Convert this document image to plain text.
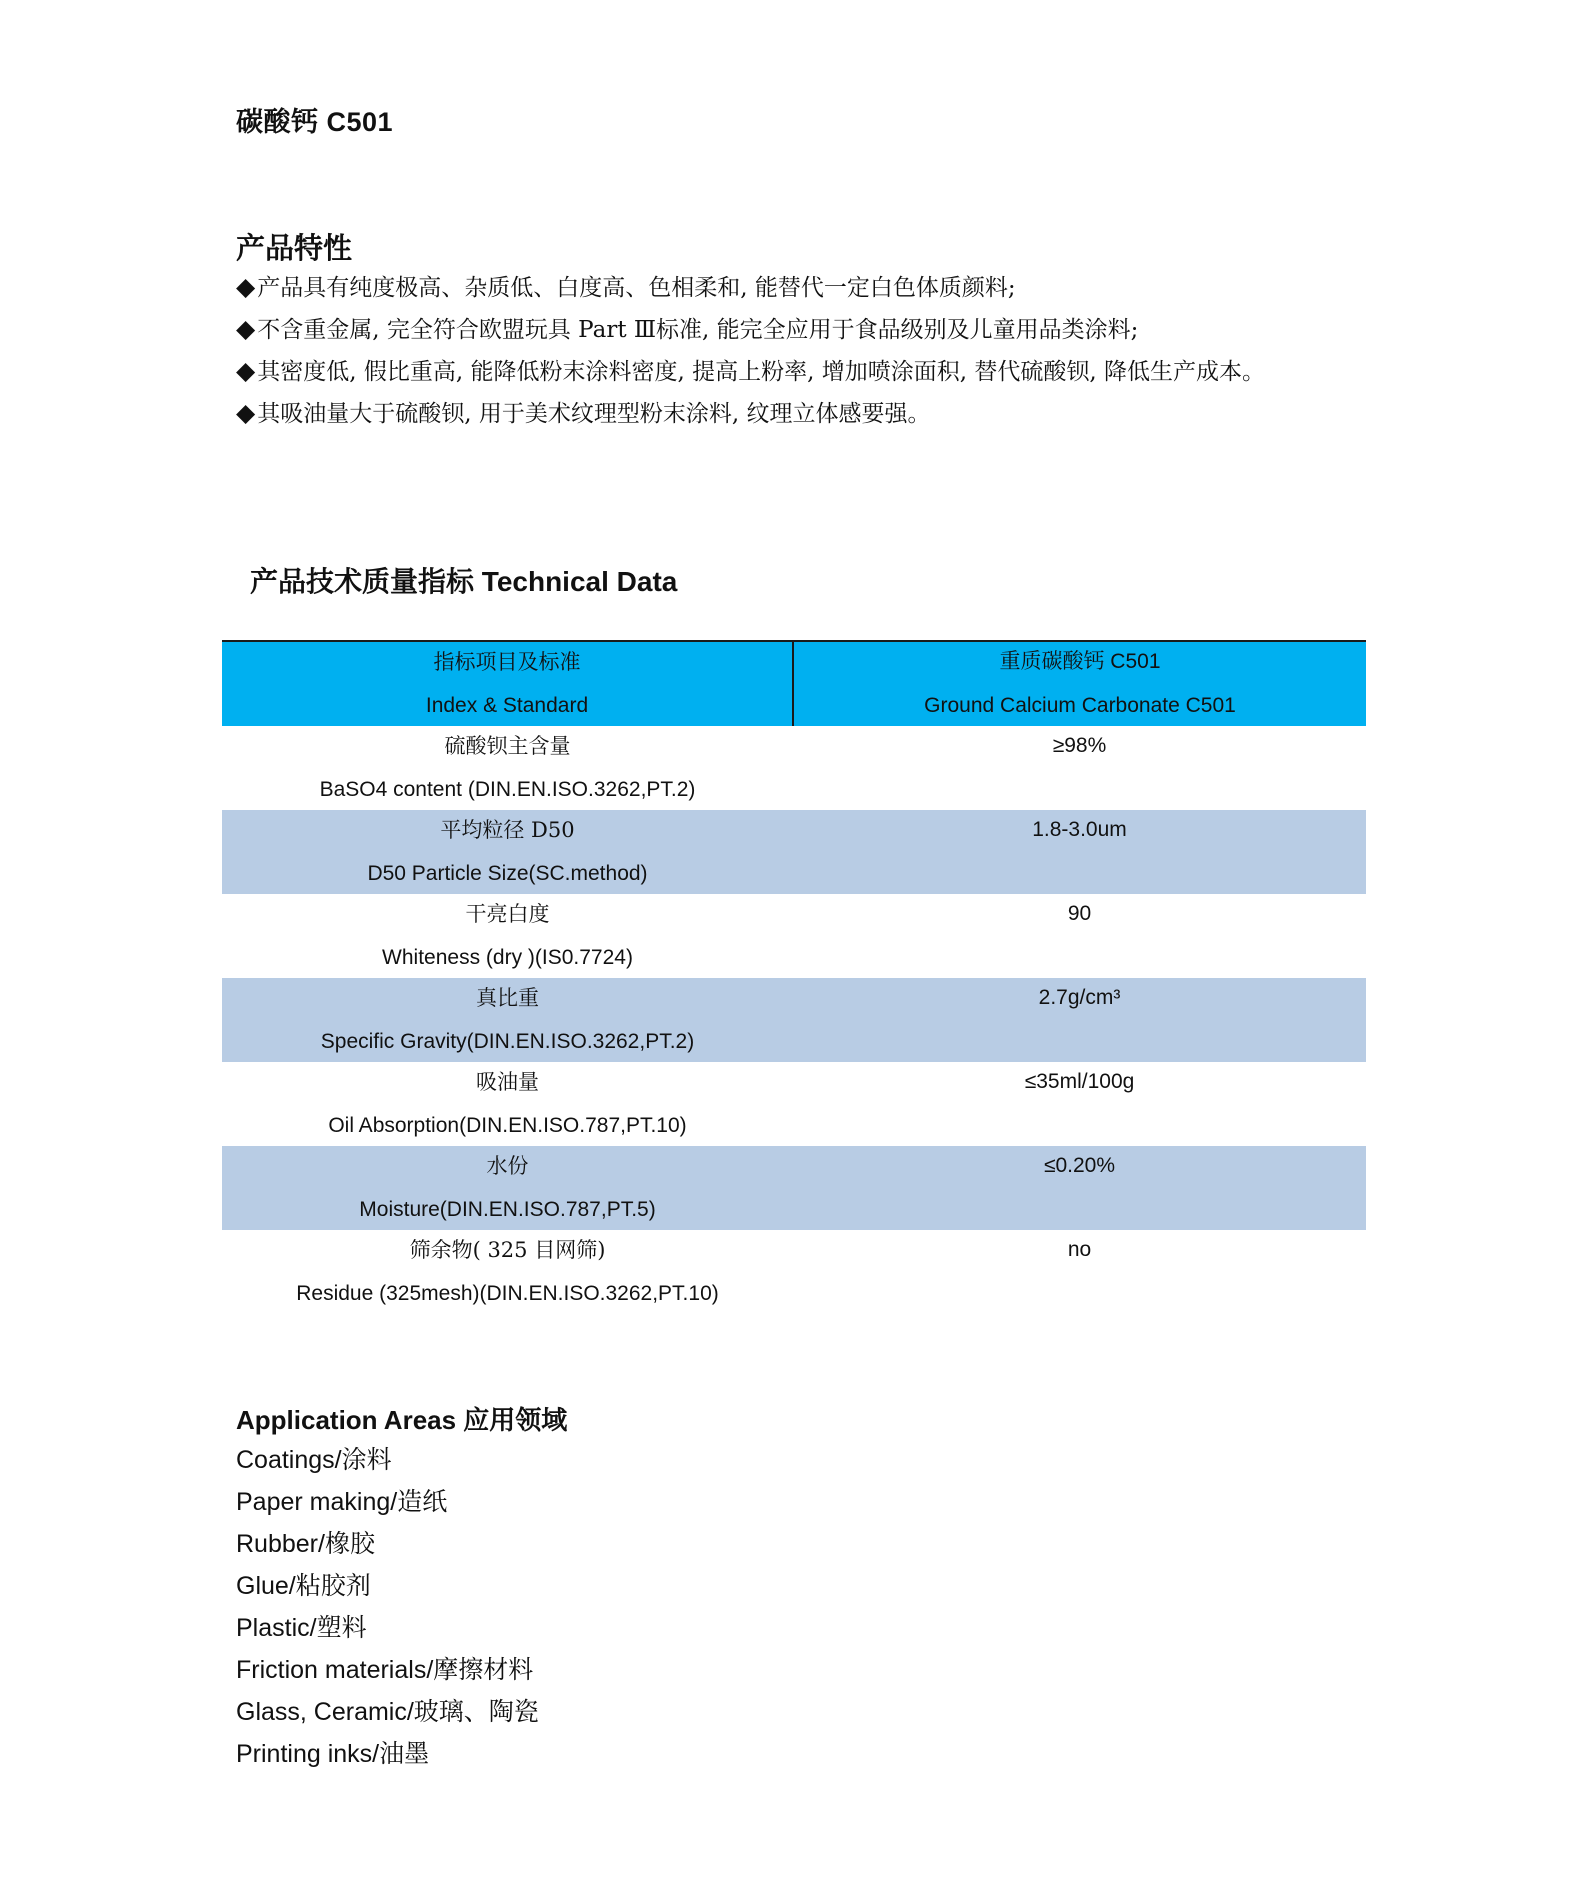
碳酸钙 C501
产品特性
◆产品具有纯度极高、杂质低、白度高、色相柔和, 能替代一定白色体质颜料;
◆不含重金属, 完全符合欧盟玩具 Part Ⅲ标准, 能完全应用于食品级别及儿童用品类涂料;
◆其密度低, 假比重高, 能降低粉末涂料密度, 提高上粉率, 增加喷涂面积, 替代硫酸钡, 降低生产成本。
◆其吸油量大于硫酸钡, 用于美术纹理型粉末涂料, 纹理立体感要强。
产品技术质量指标 Technical Data
指标项目及标准
Index & Standard	重质碳酸钙 C501
Ground Calcium Carbonate C501

硫酸钡主含量
BaSO4 content (DIN.EN.ISO.3262,PT.2)	≥98%

平均粒径 D50
D50 Particle Size(SC.method)	1.8-3.0um

干亮白度
Whiteness (dry )(IS0.7724)	90

真比重
Specific Gravity(DIN.EN.ISO.3262,PT.2)	2.7g/cm³

吸油量
Oil Absorption(DIN.EN.ISO.787,PT.10)	≤35ml/100g

水份
Moisture(DIN.EN.ISO.787,PT.5)	≤0.20%

筛余物( 325 目网筛)
Residue (325mesh)(DIN.EN.ISO.3262,PT.10)	no
Application Areas 应用领域
Coatings/涂料
Paper making/造纸
Rubber/橡胶
Glue/粘胶剂
Plastic/塑料
Friction materials/摩擦材料
Glass, Ceramic/玻璃、陶瓷
Printing inks/油墨
